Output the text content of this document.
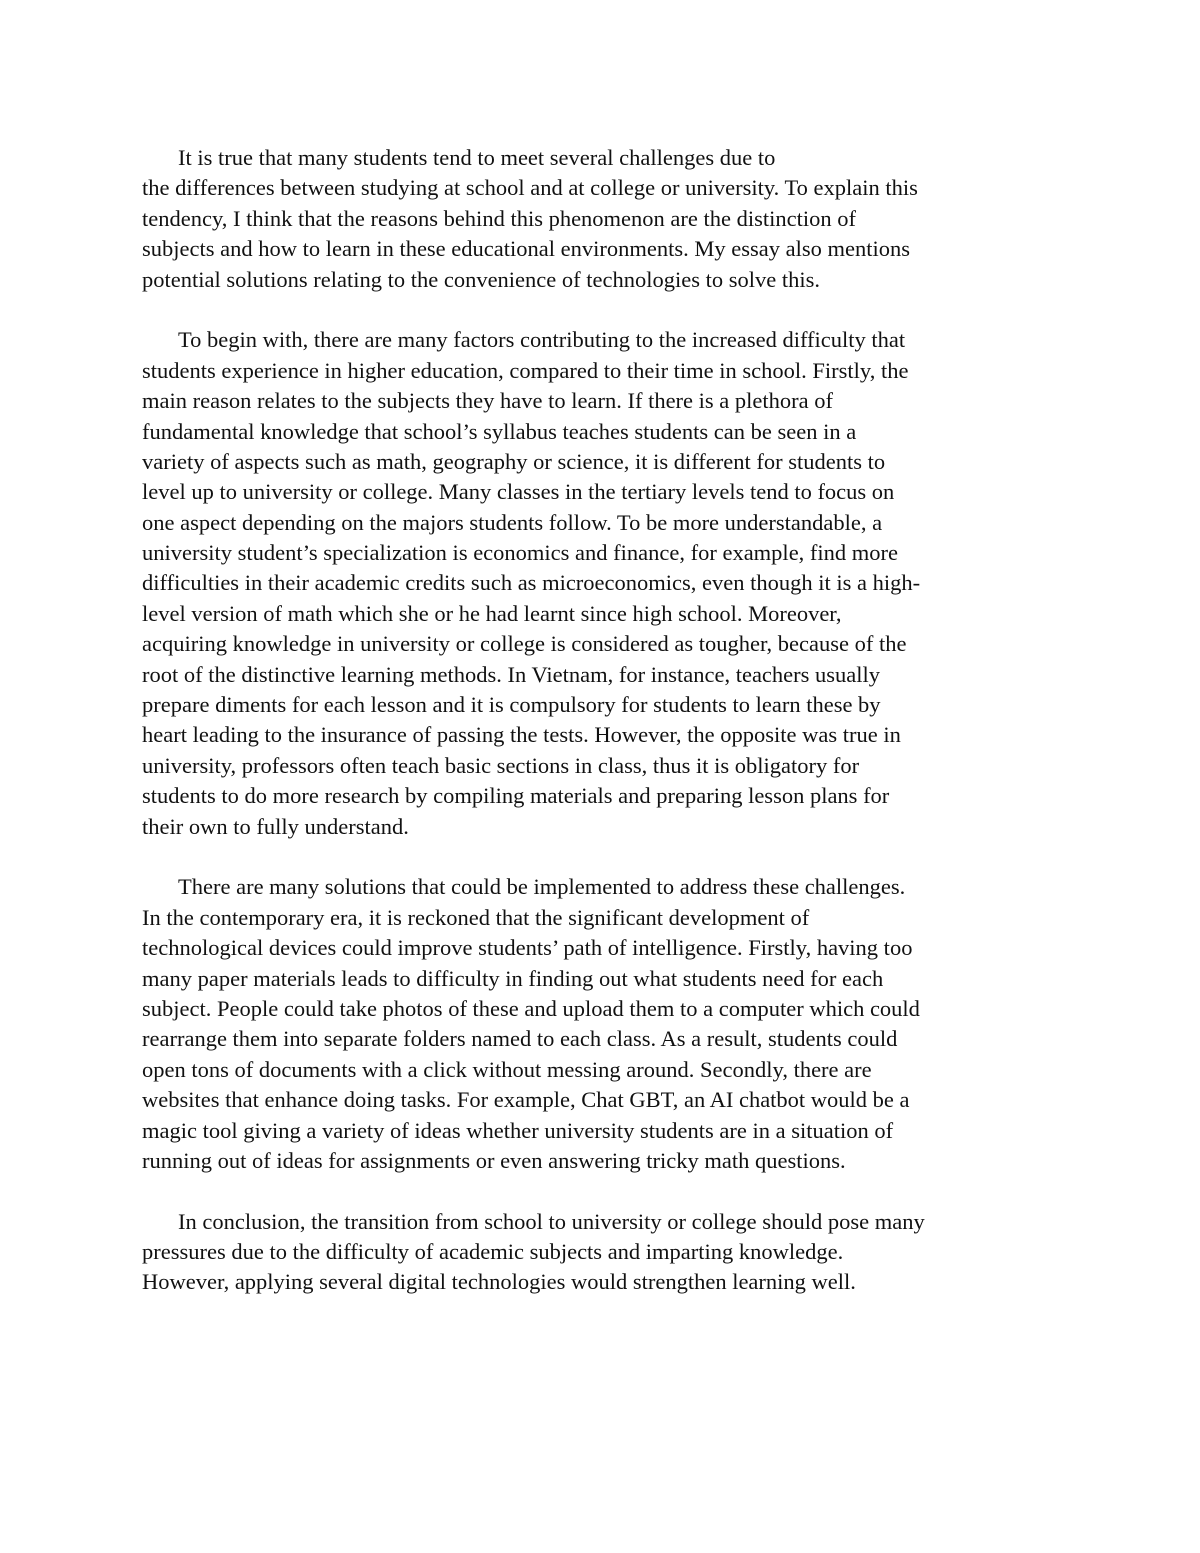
It is true that many students tend to meet several challenges due to
the differences between studying at school and at college or university. To explain this
tendency, I think that the reasons behind this phenomenon are the distinction of
subjects and how to learn in these educational environments. My essay also mentions
potential solutions relating to the convenience of technologies to solve this.
To begin with, there are many factors contributing to the increased difficulty that
students experience in higher education, compared to their time in school. Firstly, the
main reason relates to the subjects they have to learn. If there is a plethora of
fundamental knowledge that school’s syllabus teaches students can be seen in a
variety of aspects such as math, geography or science, it is different for students to
level up to university or college. Many classes in the tertiary levels tend to focus on
one aspect depending on the majors students follow. To be more understandable, a
university student’s specialization is economics and finance, for example, find more
difficulties in their academic credits such as microeconomics, even though it is a high-
level version of math which she or he had learnt since high school. Moreover,
acquiring knowledge in university or college is considered as tougher, because of the
root of the distinctive learning methods. In Vietnam, for instance, teachers usually
prepare diments for each lesson and it is compulsory for students to learn these by
heart leading to the insurance of passing the tests. However, the opposite was true in
university, professors often teach basic sections in class, thus it is obligatory for
students to do more research by compiling materials and preparing lesson plans for
their own to fully understand.
There are many solutions that could be implemented to address these challenges.
In the contemporary era, it is reckoned that the significant development of
technological devices could improve students’ path of intelligence. Firstly, having too
many paper materials leads to difficulty in finding out what students need for each
subject. People could take photos of these and upload them to a computer which could
rearrange them into separate folders named to each class. As a result, students could
open tons of documents with a click without messing around. Secondly, there are
websites that enhance doing tasks. For example, Chat GBT, an AI chatbot would be a
magic tool giving a variety of ideas whether university students are in a situation of
running out of ideas for assignments or even answering tricky math questions.
In conclusion, the transition from school to university or college should pose many
pressures due to the difficulty of academic subjects and imparting knowledge.
However, applying several digital technologies would strengthen learning well.
